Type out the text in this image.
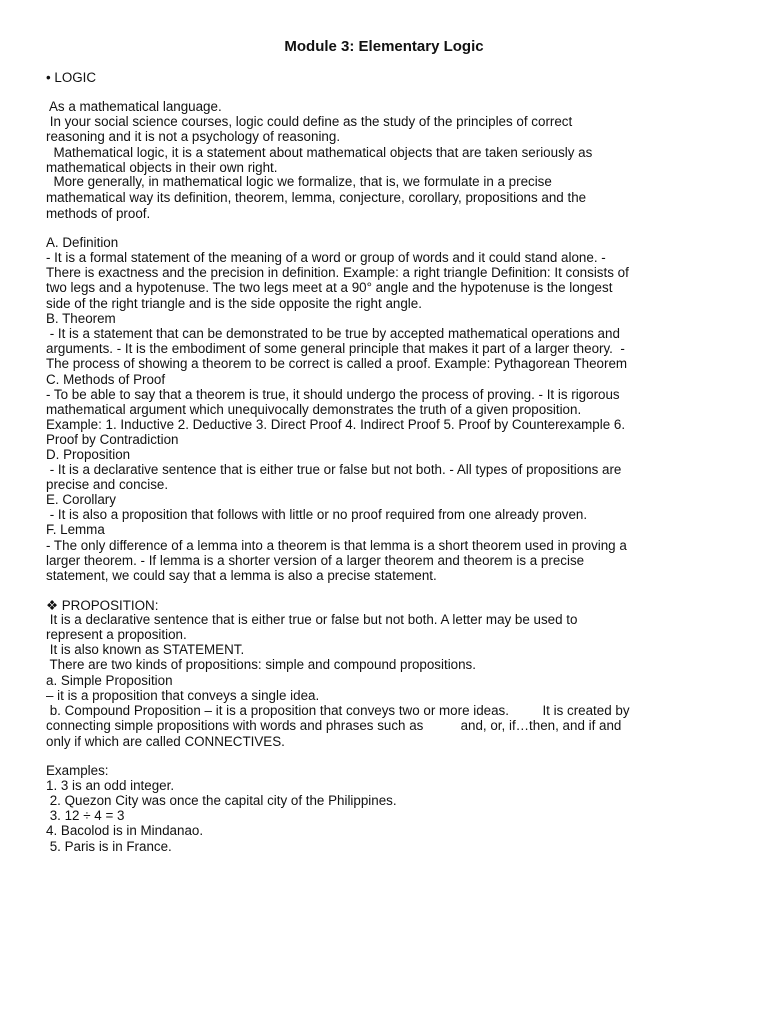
Module 3: Elementary Logic
• LOGIC
As a mathematical language.
In your social science courses, logic could define as the study of the principles of correct
reasoning and it is not a psychology of reasoning.
Mathematical logic, it is a statement about mathematical objects that are taken seriously as
mathematical objects in their own right.
More generally, in mathematical logic we formalize, that is, we formulate in a precise
mathematical way its definition, theorem, lemma, conjecture, corollary, propositions and the
methods of proof.
A. Definition
- It is a formal statement of the meaning of a word or group of words and it could stand alone. -
There is exactness and the precision in definition. Example: a right triangle Definition: It consists of
two legs and a hypotenuse. The two legs meet at a 90° angle and the hypotenuse is the longest
side of the right triangle and is the side opposite the right angle.
B. Theorem
- It is a statement that can be demonstrated to be true by accepted mathematical operations and
arguments. - It is the embodiment of some general principle that makes it part of a larger theory.  -
The process of showing a theorem to be correct is called a proof. Example: Pythagorean Theorem
C. Methods of Proof
- To be able to say that a theorem is true, it should undergo the process of proving. - It is rigorous
mathematical argument which unequivocally demonstrates the truth of a given proposition.
Example: 1. Inductive 2. Deductive 3. Direct Proof 4. Indirect Proof 5. Proof by Counterexample 6.
Proof by Contradiction
D. Proposition
- It is a declarative sentence that is either true or false but not both. - All types of propositions are
precise and concise.
E. Corollary
- It is also a proposition that follows with little or no proof required from one already proven.
F. Lemma
- The only difference of a lemma into a theorem is that lemma is a short theorem used in proving a
larger theorem. - If lemma is a shorter version of a larger theorem and theorem is a precise
statement, we could say that a lemma is also a precise statement.
❖ PROPOSITION:
It is a declarative sentence that is either true or false but not both. A letter may be used to
represent a proposition.
It is also known as STATEMENT.
There are two kinds of propositions: simple and compound propositions.
a. Simple Proposition
– it is a proposition that conveys a single idea.
b. Compound Proposition – it is a proposition that conveys two or more ideas.         It is created by
connecting simple propositions with words and phrases such as          and, or, if…then, and if and
only if which are called CONNECTIVES.
Examples:
1. 3 is an odd integer.
2. Quezon City was once the capital city of the Philippines.
3. 12 ÷ 4 = 3
4. Bacolod is in Mindanao.
5. Paris is in France.
